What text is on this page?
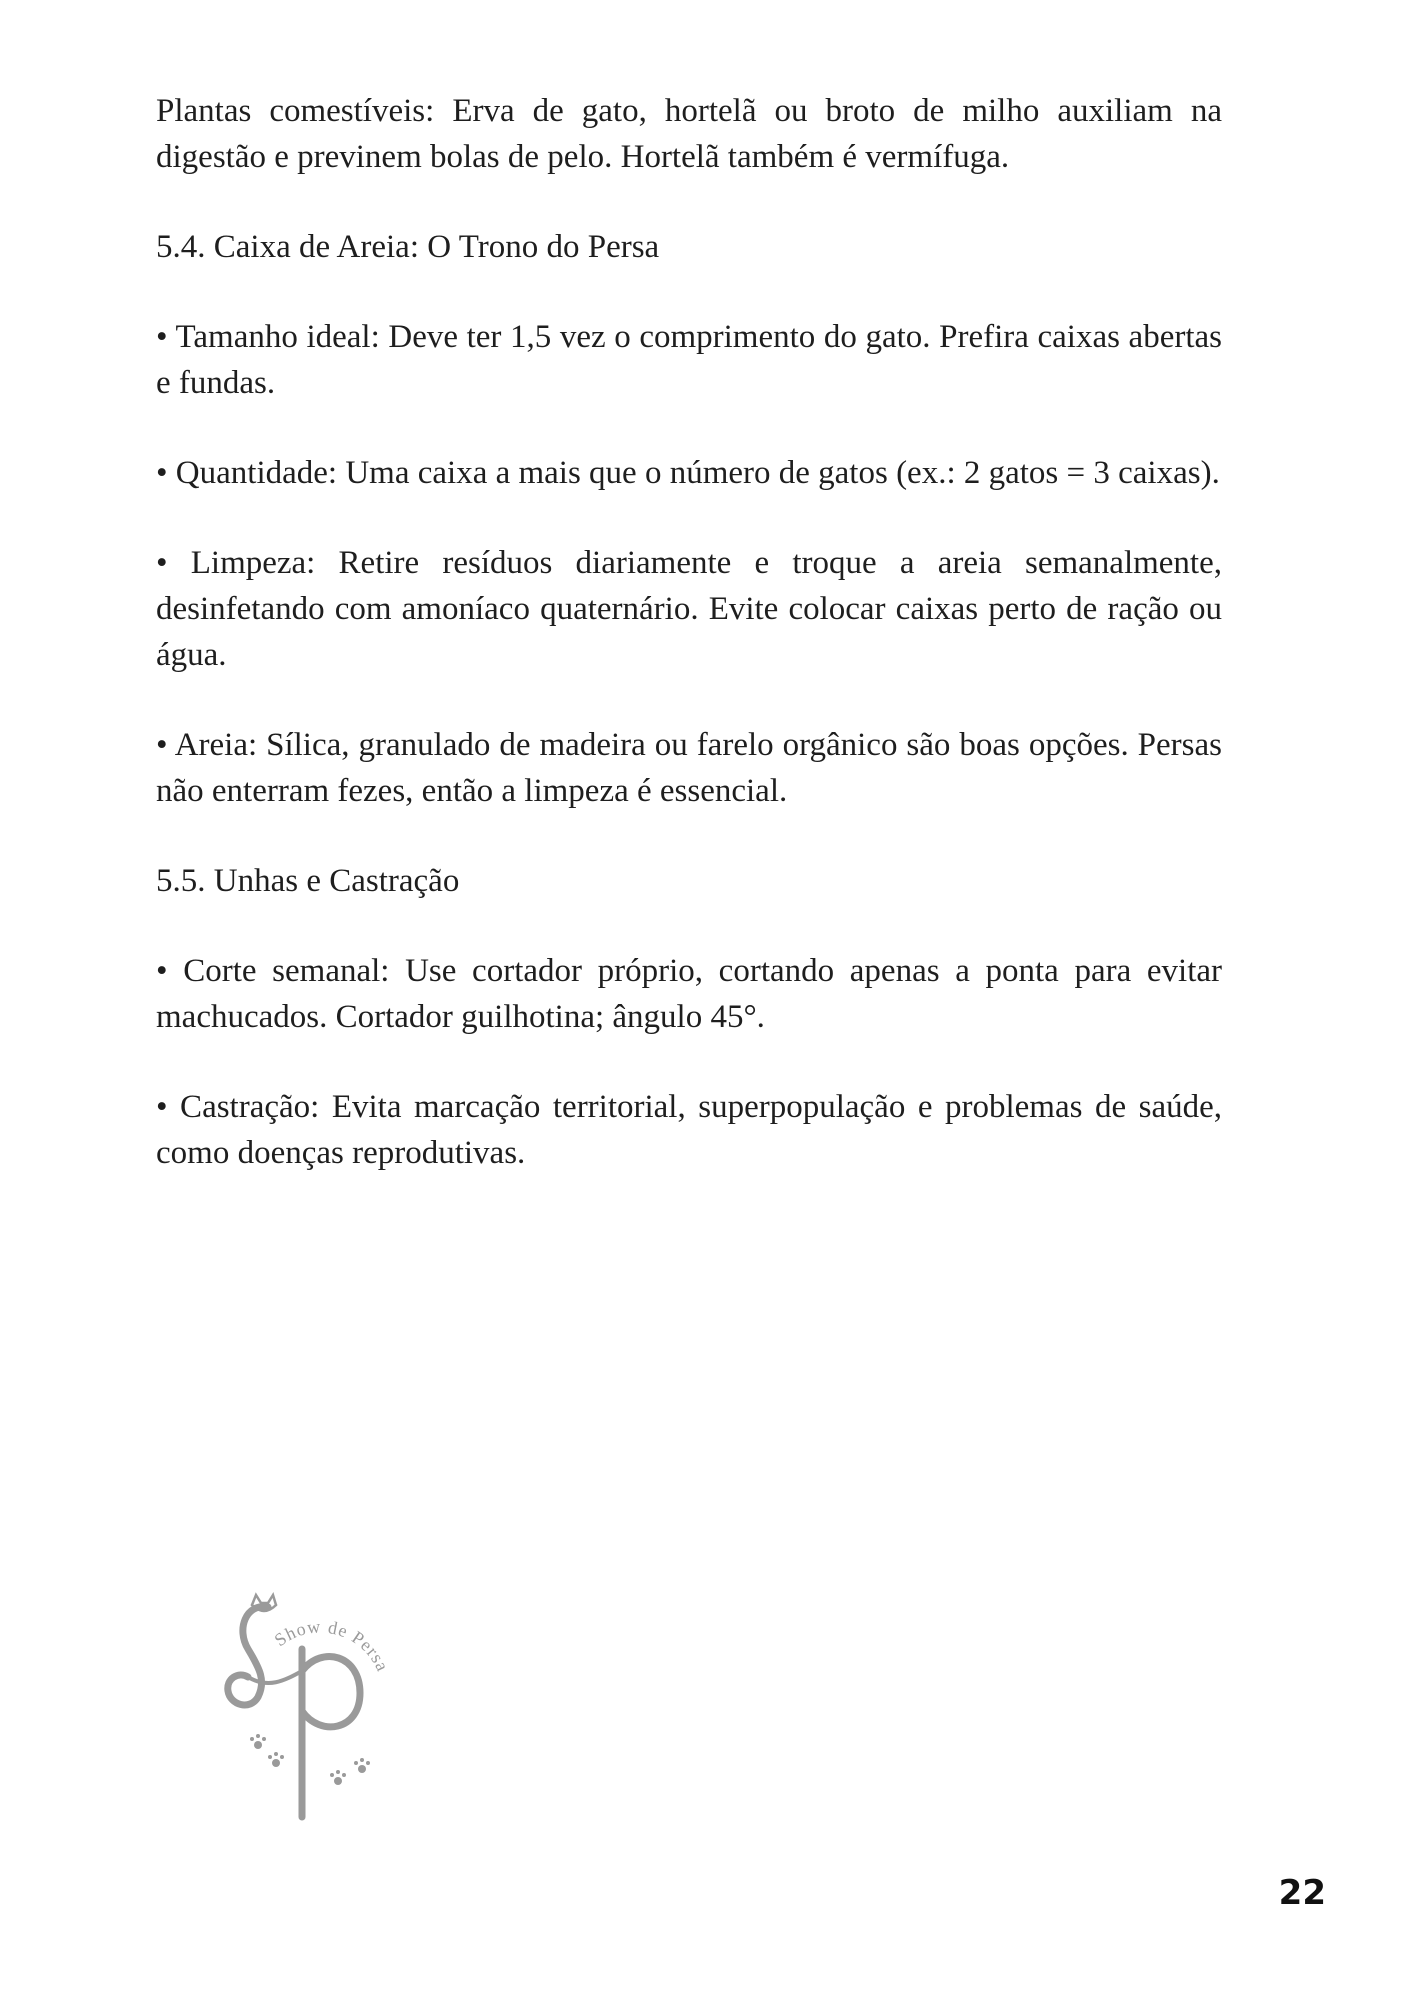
Plantas comestíveis: Erva de gato, hortelã ou broto de milho auxiliam na digestão e previnem bolas de pelo. Hortelã também é vermífuga.

5.4. Caixa de Areia: O Trono do Persa

• Tamanho ideal: Deve ter 1,5 vez o comprimento do gato. Prefira caixas abertas e fundas.

• Quantidade: Uma caixa a mais que o número de gatos (ex.: 2 gatos = 3 caixas).

• Limpeza: Retire resíduos diariamente e troque a areia semanalmente, desinfetando com amoníaco quaternário. Evite colocar caixas perto de ração ou água.

• Areia: Sílica, granulado de madeira ou farelo orgânico são boas opções. Persas não enterram fezes, então a limpeza é essencial.

5.5. Unhas e Castração

• Corte semanal: Use cortador próprio, cortando apenas a ponta para evitar machucados. Cortador guilhotina; ângulo 45°.

• Castração: Evita marcação territorial, superpopulação e problemas de saúde, como doenças reprodutivas.

Show de Persa
22
